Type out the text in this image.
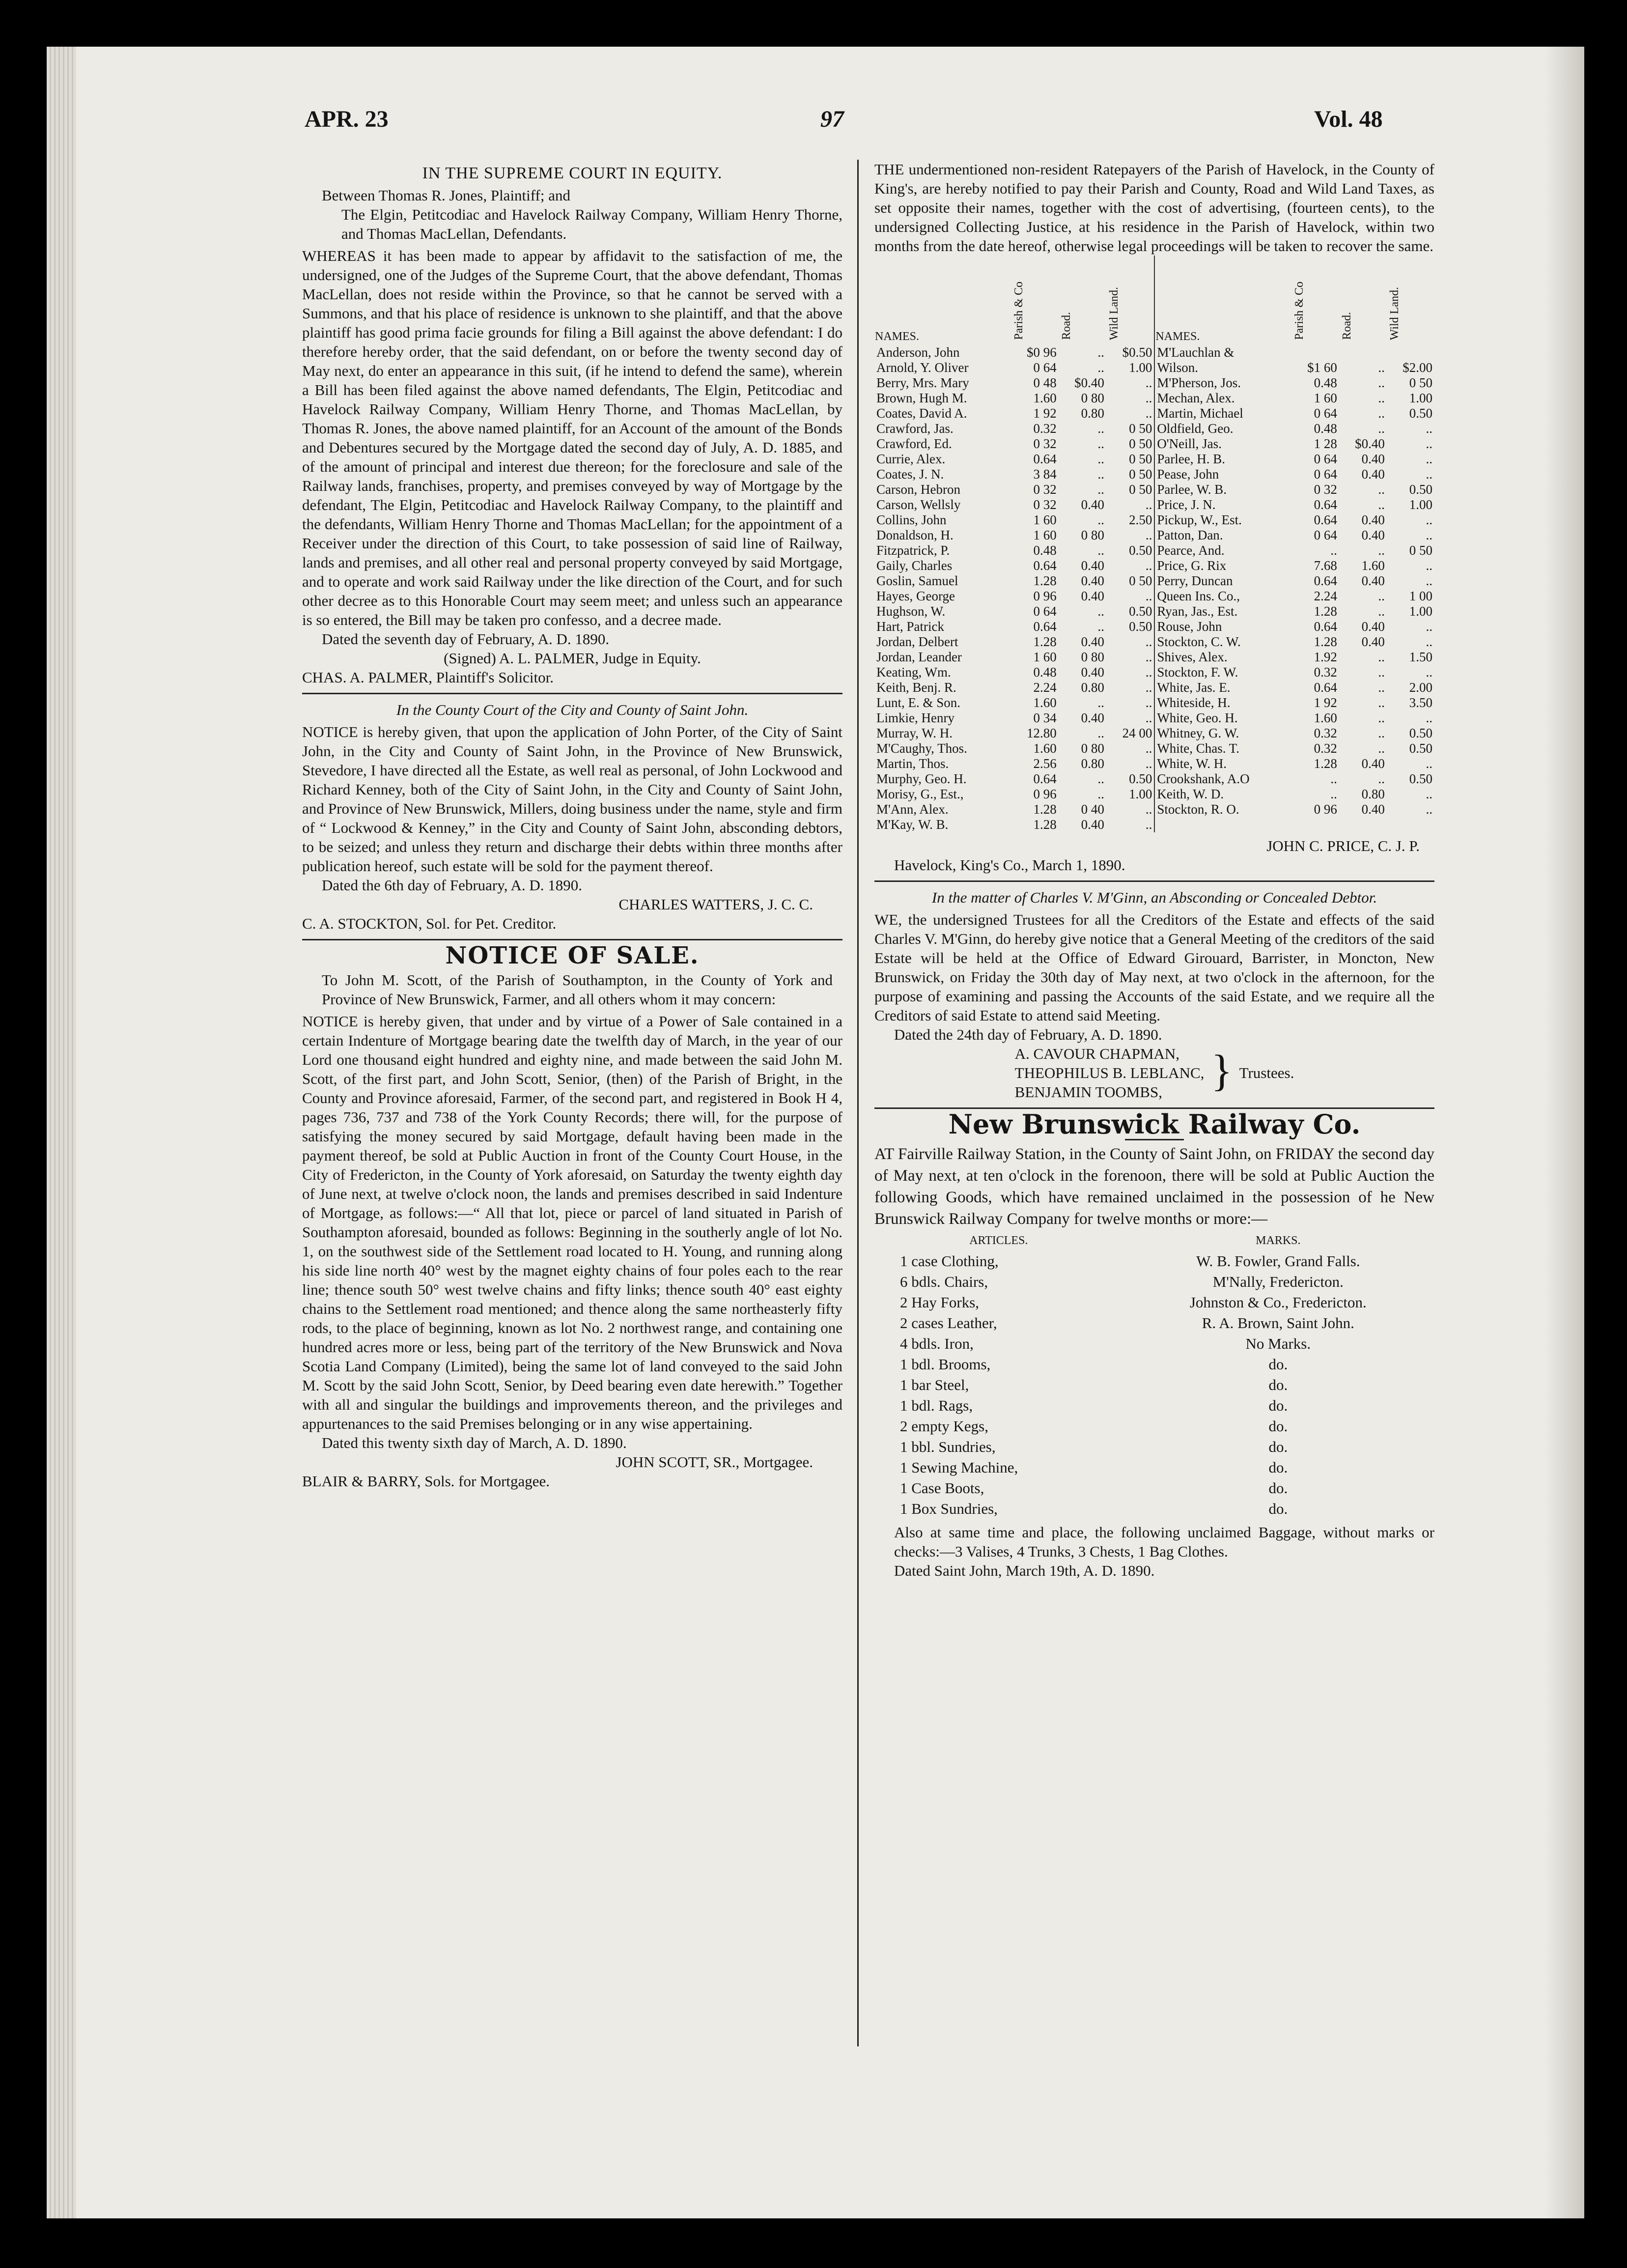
APR. 23	97	Vol. 48
IN THE SUPREME COURT IN EQUITY.

Between Thomas R. Jones, Plaintiff; and

The Elgin, Petitcodiac and Havelock Railway Company, William Henry Thorne, and Thomas MacLellan, Defendants.

WHEREAS it has been made to appear by affidavit to the satisfaction of me, the undersigned, one of the Judges of the Supreme Court, that the above defendant, Thomas MacLellan, does not reside within the Province, so that he cannot be served with a Summons, and that his place of residence is unknown to she plaintiff, and that the above plaintiff has good prima facie grounds for filing a Bill against the above defendant: I do therefore hereby order, that the said defendant, on or before the twenty second day of May next, do enter an appearance in this suit, (if he intend to defend the same), wherein a Bill has been filed against the above named defendants, The Elgin, Petitcodiac and Havelock Railway Company, William Henry Thorne, and Thomas MacLellan, by Thomas R. Jones, the above named plaintiff, for an Account of the amount of the Bonds and Debentures secured by the Mortgage dated the second day of July, A. D. 1885, and of the amount of principal and interest due thereon; for the foreclosure and sale of the Railway lands, franchises, property, and premises conveyed by way of Mortgage by the defendant, The Elgin, Petitcodiac and Havelock Railway Company, to the plaintiff and the defendants, William Henry Thorne and Thomas MacLellan; for the appointment of a Receiver under the direction of this Court, to take possession of said line of Railway, lands and premises, and all other real and personal property conveyed by said Mortgage, and to operate and work said Railway under the like direction of the Court, and for such other decree as to this Honorable Court may seem meet; and unless such an appearance is so entered, the Bill may be taken pro confesso, and a decree made.

Dated the seventh day of February, A. D. 1890.

(Signed) A. L. PALMER, Judge in Equity.

CHAS. A. PALMER, Plaintiff's Solicitor.

In the County Court of the City and County of Saint John.

NOTICE is hereby given, that upon the application of John Porter, of the City of Saint John, in the City and County of Saint John, in the Province of New Brunswick, Stevedore, I have directed all the Estate, as well real as personal, of John Lockwood and Richard Kenney, both of the City of Saint John, in the City and County of Saint John, and Province of New Brunswick, Millers, doing business under the name, style and firm of “ Lockwood & Kenney,” in the City and County of Saint John, absconding debtors, to be seized; and unless they return and discharge their debts within three months after publication hereof, such estate will be sold for the payment thereof.

Dated the 6th day of February, A. D. 1890.

CHARLES WATTERS, J. C. C.

C. A. STOCKTON, Sol. for Pet. Creditor.

NOTICE OF SALE.

To John M. Scott, of the Parish of Southampton, in the County of York and Province of New Brunswick, Farmer, and all others whom it may concern:

NOTICE is hereby given, that under and by virtue of a Power of Sale contained in a certain Indenture of Mortgage bearing date the twelfth day of March, in the year of our Lord one thousand eight hundred and eighty nine, and made between the said John M. Scott, of the first part, and John Scott, Senior, (then) of the Parish of Bright, in the County and Province aforesaid, Farmer, of the second part, and registered in Book H 4, pages 736, 737 and 738 of the York County Records; there will, for the purpose of satisfying the money secured by said Mortgage, default having been made in the payment thereof, be sold at Public Auction in front of the County Court House, in the City of Fredericton, in the County of York aforesaid, on Saturday the twenty eighth day of June next, at twelve o'clock noon, the lands and premises described in said Indenture of Mortgage, as follows:—“ All that lot, piece or parcel of land situated in Parish of Southampton aforesaid, bounded as follows: Beginning in the southerly angle of lot No. 1, on the southwest side of the Settlement road located to H. Young, and running along his side line north 40° west by the magnet eighty chains of four poles each to the rear line; thence south 50° west twelve chains and fifty links; thence south 40° east eighty chains to the Settlement road mentioned; and thence along the same northeasterly fifty rods, to the place of beginning, known as lot No. 2 northwest range, and containing one hundred acres more or less, being part of the territory of the New Brunswick and Nova Scotia Land Company (Limited), being the same lot of land conveyed to the said John M. Scott by the said John Scott, Senior, by Deed bearing even date herewith.” Together with all and singular the buildings and improvements thereon, and the privileges and appurtenances to the said Premises belonging or in any wise appertaining.

Dated this twenty sixth day of March, A. D. 1890.

JOHN SCOTT, SR., Mortgagee.

BLAIR & BARRY, Sols. for Mortgagee.

THE undermentioned non-resident Ratepayers of the Parish of Havelock, in the County of King's, are hereby notified to pay their Parish and County, Road and Wild Land Taxes, as set opposite their names, together with the cost of advertising, (fourteen cents), to the undersigned Collecting Justice, at his residence in the Parish of Havelock, within two months from the date hereof, otherwise legal proceedings will be taken to recover the same.

NAMES.	Parish & Co	Road.	Wild Land.	NAMES.	Parish & Co	Road.	Wild Land.
Anderson, John	$0 96	..	$0.50	M'Lauchlan &			
Arnold, Y. Oliver	0 64	..	1.00	Wilson.	$1 60	..	$2.00
Berry, Mrs. Mary	0 48	$0.40	..	M'Pherson, Jos.	0.48	..	0 50
Brown, Hugh M.	1.60	0 80	..	Mechan, Alex.	1 60	..	1.00
Coates, David A.	1 92	0.80	..	Martin, Michael	0 64	..	0.50
Crawford, Jas.	0.32	..	0 50	Oldfield, Geo.	0.48	..	..
Crawford, Ed.	0 32	..	0 50	O'Neill, Jas.	1 28	$0.40	..
Currie, Alex.	0.64	..	0 50	Parlee, H. B.	0 64	0.40	..
Coates, J. N.	3 84	..	0 50	Pease, John	0 64	0.40	..
Carson, Hebron	0 32	..	0 50	Parlee, W. B.	0 32	..	0.50
Carson, Wellsly	0 32	0.40	..	Price, J. N.	0.64	..	1.00
Collins, John	1 60	..	2.50	Pickup, W., Est.	0.64	0.40	..
Donaldson, H.	1 60	0 80	..	Patton, Dan.	0 64	0.40	..
Fitzpatrick, P.	0.48	..	0.50	Pearce, And.	..	..	0 50
Gaily, Charles	0.64	0.40	..	Price, G. Rix	7.68	1.60	..
Goslin, Samuel	1.28	0.40	0 50	Perry, Duncan	0.64	0.40	..
Hayes, George	0 96	0.40	..	Queen Ins. Co.,	2.24	..	1 00
Hughson, W.	0 64	..	0.50	Ryan, Jas., Est.	1.28	..	1.00
Hart, Patrick	0.64	..	0.50	Rouse, John	0.64	0.40	..
Jordan, Delbert	1.28	0.40	..	Stockton, C. W.	1.28	0.40	..
Jordan, Leander	1 60	0 80	..	Shives, Alex.	1.92	..	1.50
Keating, Wm.	0.48	0.40	..	Stockton, F. W.	0.32	..	..
Keith, Benj. R.	2.24	0.80	..	White, Jas. E.	0.64	..	2.00
Lunt, E. & Son.	1.60	..	..	Whiteside, H.	1 92	..	3.50
Limkie, Henry	0 34	0.40	..	White, Geo. H.	1.60	..	..
Murray, W. H.	12.80	..	24 00	Whitney, G. W.	0.32	..	0.50
M'Caughy, Thos.	1.60	0 80	..	White, Chas. T.	0.32	..	0.50
Martin, Thos.	2.56	0.80	..	White, W. H.	1.28	0.40	..
Murphy, Geo. H.	0.64	..	0.50	Crookshank, A.O	..	..	0.50
Morisy, G., Est.,	0 96	..	1.00	Keith, W. D.	..	0.80	..
M'Ann, Alex.	1.28	0 40	..	Stockton, R. O.	0 96	0.40	..
M'Kay, W. B.	1.28	0.40	..				

JOHN C. PRICE, C. J. P.

Havelock, King's Co., March 1, 1890.

In the matter of Charles V. M'Ginn, an Absconding or Concealed Debtor.

WE, the undersigned Trustees for all the Creditors of the Estate and effects of the said Charles V. M'Ginn, do hereby give notice that a General Meeting of the creditors of the said Estate will be held at the Office of Edward Girouard, Barrister, in Moncton, New Brunswick, on Friday the 30th day of May next, at two o'clock in the afternoon, for the purpose of examining and passing the Accounts of the said Estate, and we require all the Creditors of said Estate to attend said Meeting.

Dated the 24th day of February, A. D. 1890.

A. CAVOUR CHAPMAN,
THEOPHILUS B. LEBLANC,
BENJAMIN TOOMBS,	} Trustees.
New Brunswick Railway Co.

AT Fairville Railway Station, in the County of Saint John, on FRIDAY the second day of May next, at ten o'clock in the forenoon, there will be sold at Public Auction the following Goods, which have remained unclaimed in the possession of he New Brunswick Railway Company for twelve months or more:—

ARTICLES.	MARKS.
1 case Clothing,	W. B. Fowler, Grand Falls.
6 bdls. Chairs,	M'Nally, Fredericton.
2 Hay Forks,	Johnston & Co., Fredericton.
2 cases Leather,	R. A. Brown, Saint John.
4 bdls. Iron,	No Marks.
1 bdl. Brooms,	do.
1 bar Steel,	do.
1 bdl. Rags,	do.
2 empty Kegs,	do.
1 bbl. Sundries,	do.
1 Sewing Machine,	do.
1 Case Boots,	do.
1 Box Sundries,	do.

Also at same time and place, the following unclaimed Baggage, without marks or checks:—3 Valises, 4 Trunks, 3 Chests, 1 Bag Clothes.

Dated Saint John, March 19th, A. D. 1890.
